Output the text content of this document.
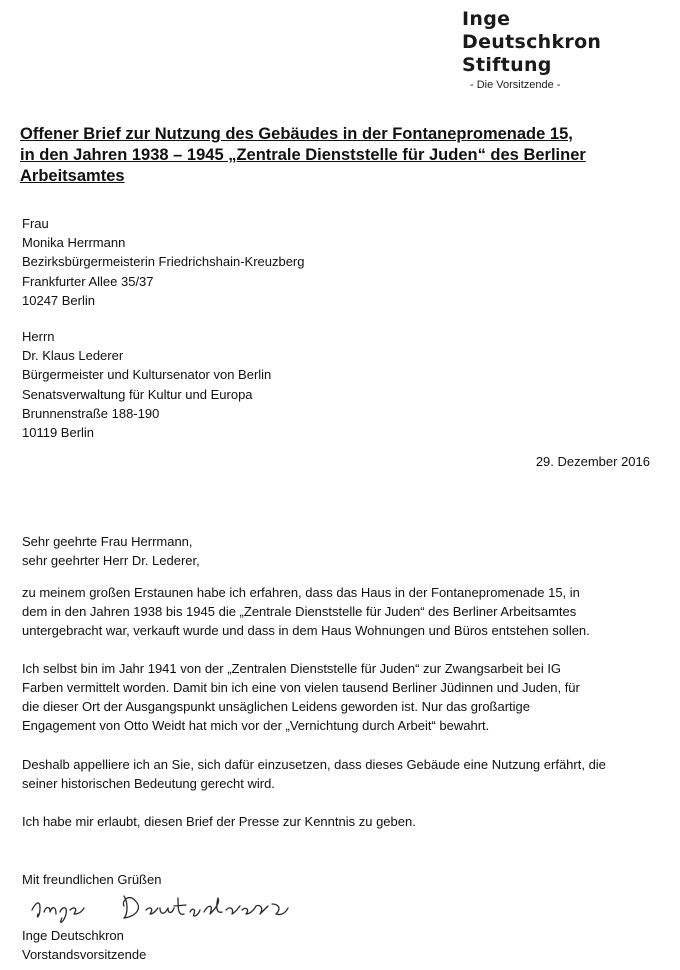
Inge
Deutschkron
Stiftung
- Die Vorsitzende -
Offener Brief zur Nutzung des Gebäudes in der Fontanepromenade 15,
in den Jahren 1938 – 1945 „Zentrale Dienststelle für Juden“ des Berliner
Arbeitsamtes
Frau
Monika Herrmann
Bezirksbürgermeisterin Friedrichshain-Kreuzberg
Frankfurter Allee 35/37
10247 Berlin
Herrn
Dr. Klaus Lederer
Bürgermeister und Kultursenator von Berlin
Senatsverwaltung für Kultur und Europa
Brunnenstraße 188-190
10119 Berlin
29. Dezember 2016
Sehr geehrte Frau Herrmann,
sehr geehrter Herr Dr. Lederer,
zu meinem großen Erstaunen habe ich erfahren, dass das Haus in der Fontanepromenade 15, in
dem in den Jahren 1938 bis 1945 die „Zentrale Dienststelle für Juden“ des Berliner Arbeitsamtes
untergebracht war, verkauft wurde und dass in dem Haus Wohnungen und Büros entstehen sollen.
Ich selbst bin im Jahr 1941 von der „Zentralen Dienststelle für Juden“ zur Zwangsarbeit bei IG
Farben vermittelt worden. Damit bin ich eine von vielen tausend Berliner Jüdinnen und Juden, für
die dieser Ort der Ausgangspunkt unsäglichen Leidens geworden ist. Nur das großartige
Engagement von Otto Weidt hat mich vor der „Vernichtung durch Arbeit“ bewahrt.
Deshalb appelliere ich an Sie, sich dafür einzusetzen, dass dieses Gebäude eine Nutzung erfährt, die
seiner historischen Bedeutung gerecht wird.
Ich habe mir erlaubt, diesen Brief der Presse zur Kenntnis zu geben.
Mit freundlichen Grüßen
Inge Deutschkron
Vorstandsvorsitzende
